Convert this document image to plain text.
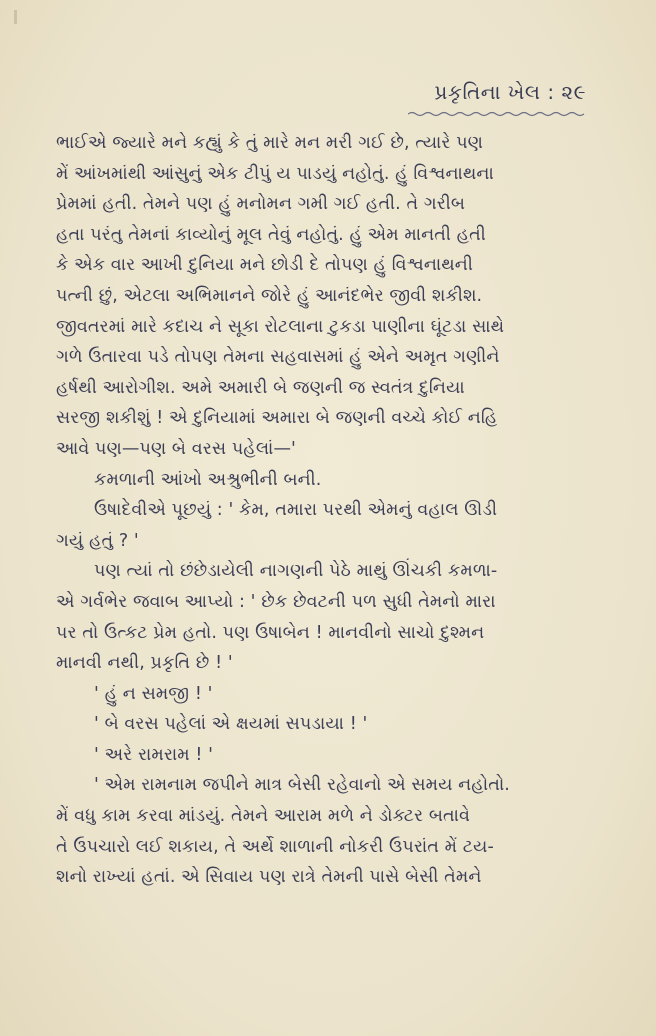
પ્રકૃતિના ખેલ : ૨૯
ભાઈએ જ્યારે મને કહ્યું કે તું મારે મન મરી ગઈ છે, ત્યારે પણ
મેં આંખમાંથી આંસુનું એક ટીપું ય પાડયું નહોતું. હું વિશ્વનાથના
પ્રેમમાં હતી. તેમને પણ હું મનોમન ગમી ગઈ હતી. તે ગરીબ
હતા પરંતુ તેમનાં કાવ્યોનું મૂલ તેવું નહોતું. હું એમ માનતી હતી
કે એક વાર આખી દુનિયા મને છોડી દે તોપણ હું વિશ્વનાથની
પત્ની છું, એટલા અભિમાનને જોરે હું આનંદભેર જીવી શકીશ.
જીવતરમાં મારે કદાચ ને સૂકા રોટલાના ટુકડા પાણીના ઘૂંટડા સાથે
ગળે ઉતારવા પડે તોપણ તેમના સહવાસમાં હું એને અમૃત ગણીને
હર્ષથી આરોગીશ. અમે અમારી બે જણની જ સ્વતંત્ર દુનિયા
સરજી શકીશું ! એ દુનિયામાં અમારા બે જણની વચ્ચે કોઈ નહિ
આવે પણ—પણ બે વરસ પહેલાં—'
કમળાની આંખો અશ્રુભીની બની.
ઉષાદેવીએ પૂછયું : ' કેમ, તમારા પરથી એમનું વહાલ ઊડી
ગયું હતું ? '
પણ ત્યાં તો છંછેડાયેલી નાગણની પેઠે માથું ઊંચકી કમળા-
એ ગર્વભેર જવાબ આપ્યો : ' છેક છેવટની પળ સુધી તેમનો મારા
પર તો ઉત્કટ પ્રેમ હતો. પણ ઉષાબેન ! માનવીનો સાચો દુશ્મન
માનવી નથી, પ્રકૃતિ છે ! '
' હું ન સમજી ! '
' બે વરસ પહેલાં એ ક્ષયમાં સપડાયા ! '
' અરે રામરામ ! '
' એમ રામનામ જપીને માત્ર બેસી રહેવાનો એ સમય નહોતો.
મેં વધુ કામ કરવા માંડયું. તેમને આરામ મળે ને ડોક્ટર બતાવે
તે ઉપચારો લઈ શકાય, તે અર્થે શાળાની નોકરી ઉપરાંત મેં ટય-
શનો રાખ્યાં હતાં. એ સિવાય પણ રાત્રે તેમની પાસે બેસી તેમને
